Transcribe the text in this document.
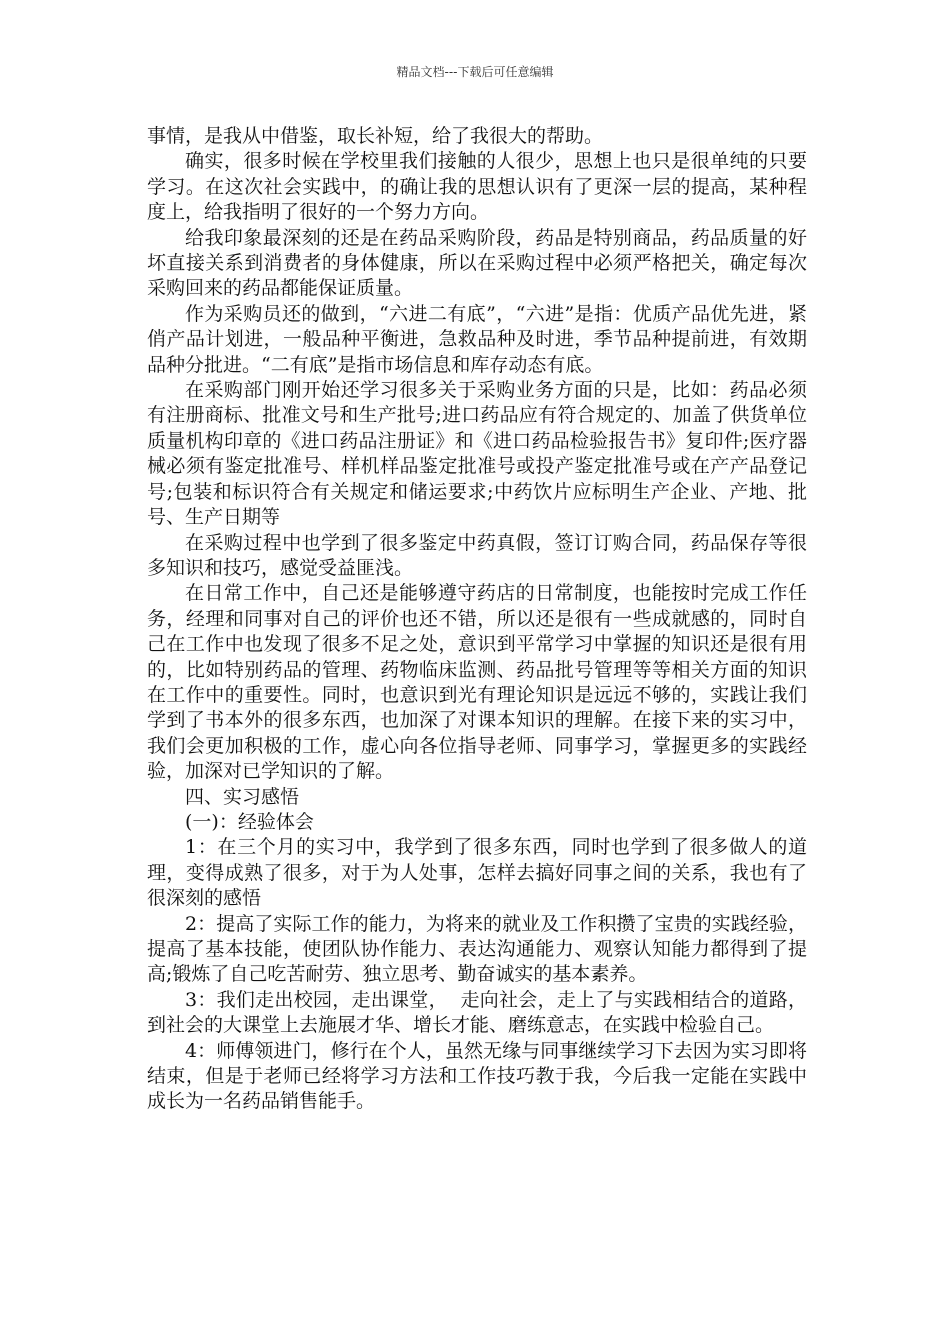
精品文档---下载后可任意编辑

事情，是我从中借鉴，取长补短，给了我很大的帮助。

确实，很多时候在学校里我们接触的人很少，思想上也只是很单纯的只要学习。在这次社会实践中，的确让我的思想认识有了更深一层的提高，某种程度上，给我指明了很好的一个努力方向。

给我印象最深刻的还是在药品采购阶段，药品是特别商品，药品质量的好坏直接关系到消费者的身体健康，所以在采购过程中必须严格把关，确定每次采购回来的药品都能保证质量。

作为采购员还的做到，“六进二有底”，“六进”是指：优质产品优先进，紧俏产品计划进，一般品种平衡进，急救品种及时进，季节品种提前进，有效期品种分批进。“二有底”是指市场信息和库存动态有底。

在采购部门刚开始还学习很多关于采购业务方面的只是，比如：药品必须有注册商标、批准文号和生产批号;进口药品应有符合规定的、加盖了供货单位质量机构印章的《进口药品注册证》和《进口药品检验报告书》复印件;医疗器械必须有鉴定批准号、样机样品鉴定批准号或投产鉴定批准号或在产产品登记号;包装和标识符合有关规定和储运要求;中药饮片应标明生产企业、产地、批号、生产日期等

在采购过程中也学到了很多鉴定中药真假，签订订购合同，药品保存等很多知识和技巧，感觉受益匪浅。

在日常工作中，自己还是能够遵守药店的日常制度，也能按时完成工作任务，经理和同事对自己的评价也还不错，所以还是很有一些成就感的，同时自己在工作中也发现了很多不足之处，意识到平常学习中掌握的知识还是很有用的，比如特别药品的管理、药物临床监测、药品批号管理等等相关方面的知识在工作中的重要性。同时，也意识到光有理论知识是远远不够的，实践让我们学到了书本外的很多东西，也加深了对课本知识的理解。在接下来的实习中，我们会更加积极的工作，虚心向各位指导老师、同事学习，掌握更多的实践经验，加深对已学知识的了解。

四、实习感悟

(一)：经验体会

1：在三个月的实习中，我学到了很多东西，同时也学到了很多做人的道理，变得成熟了很多，对于为人处事，怎样去搞好同事之间的关系，我也有了很深刻的感悟

2：提高了实际工作的能力，为将来的就业及工作积攒了宝贵的实践经验，提高了基本技能，使团队协作能力、表达沟通能力、观察认知能力都得到了提高;锻炼了自己吃苦耐劳、独立思考、勤奋诚实的基本素养。

3：我们走出校园，走出课堂，  走向社会，走上了与实践相结合的道路，到社会的大课堂上去施展才华、增长才能、磨练意志，在实践中检验自己。

4：师傅领进门，修行在个人，虽然无缘与同事继续学习下去因为实习即将结束，但是于老师已经将学习方法和工作技巧教于我，今后我一定能在实践中成长为一名药品销售能手。
